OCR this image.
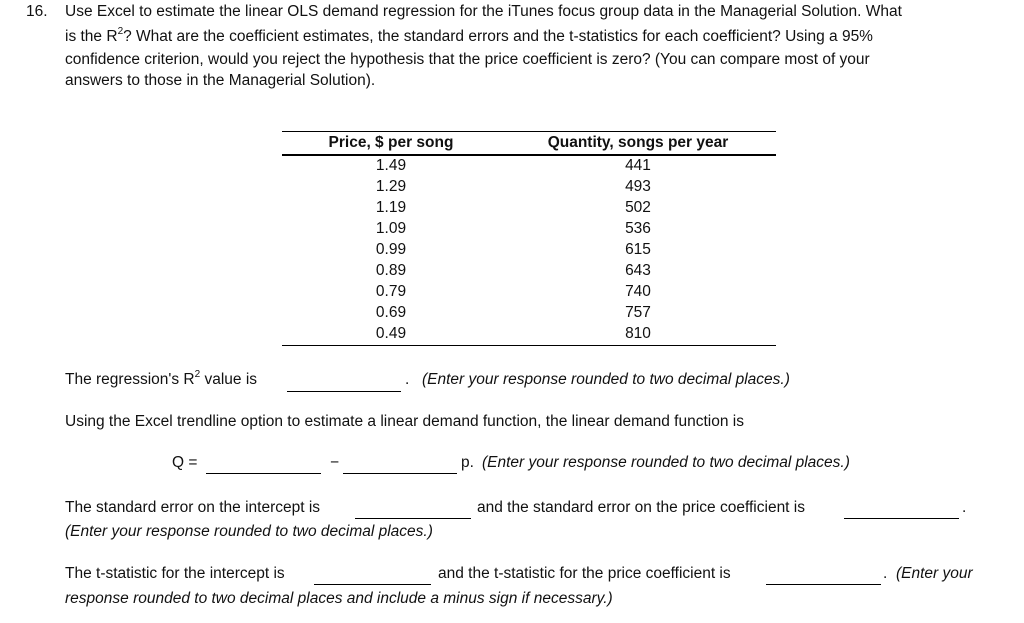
16. Use Excel to estimate the linear OLS demand regression for the iTunes focus group data in the Managerial Solution. What
is the $R^2$? What are the coefficient estimates, the standard errors and the t-statistics for each coefficient? Using a 95%
confidence criterion, would you reject the hypothesis that the price coefficient is zero? (You can compare most of your
answers to those in the Managerial Solution).
Price, $ per song	Quantity, songs per year
1.49	441
1.29	493
1.19	502
1.09	536
0.99	615
0.89	643
0.79	740
0.69	757
0.49	810
The regression's $R^2$ value is	. (Enter your response rounded to two decimal places.)
Using the Excel trendline option to estimate a linear demand function, the linear demand function is
Q =	−	p. (Enter your response rounded to two decimal places.)
The standard error on the intercept is	and the standard error on the price coefficient is	.
(Enter your response rounded to two decimal places.)
The t-statistic for the intercept is	and the t-statistic for the price coefficient is	. (Enter your
response rounded to two decimal places and include a minus sign if necessary.)
